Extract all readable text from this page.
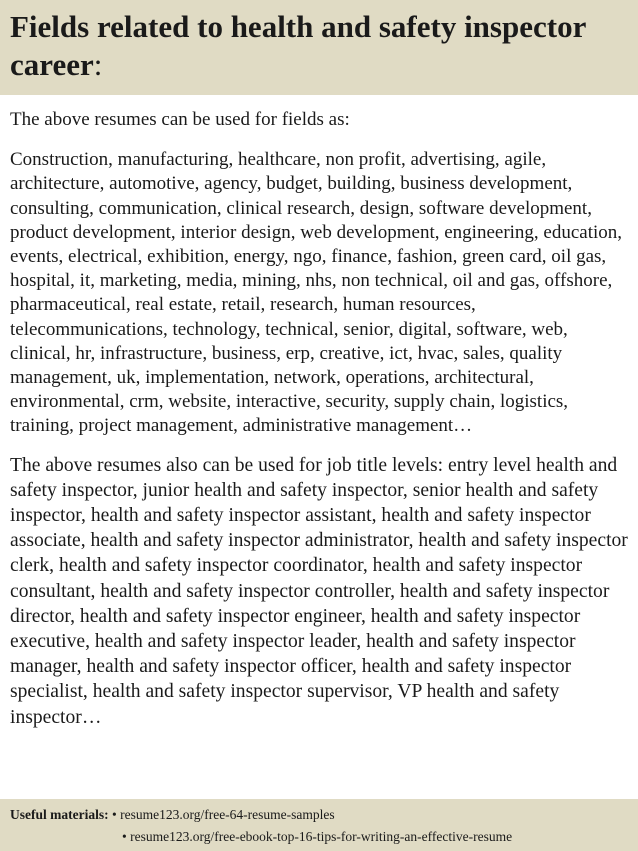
Fields related to health and safety inspector career:

The above resumes can be used for fields as:

Construction, manufacturing, healthcare, non profit, advertising, agile, architecture, automotive, agency, budget, building, business development, consulting, communication, clinical research, design, software development, product development, interior design, web development, engineering, education, events, electrical, exhibition, energy, ngo, finance, fashion, green card, oil gas, hospital, it, marketing, media, mining, nhs, non technical, oil and gas, offshore, pharmaceutical, real estate, retail, research, human resources, telecommunications, technology, technical, senior, digital, software, web, clinical, hr, infrastructure, business, erp, creative, ict, hvac, sales, quality management, uk, implementation, network, operations, architectural, environmental, crm, website, interactive, security, supply chain, logistics, training, project management, administrative management…

The above resumes also can be used for job title levels: entry level health and safety inspector, junior health and safety inspector, senior health and safety inspector, health and safety inspector assistant, health and safety inspector associate, health and safety inspector administrator, health and safety inspector clerk, health and safety inspector coordinator, health and safety inspector consultant, health and safety inspector controller, health and safety inspector director, health and safety inspector engineer, health and safety inspector executive, health and safety inspector leader, health and safety inspector manager, health and safety inspector officer, health and safety inspector specialist, health and safety inspector supervisor, VP health and safety inspector…

Useful materials: • resume123.org/free-64-resume-samples
• resume123.org/free-ebook-top-16-tips-for-writing-an-effective-resume
